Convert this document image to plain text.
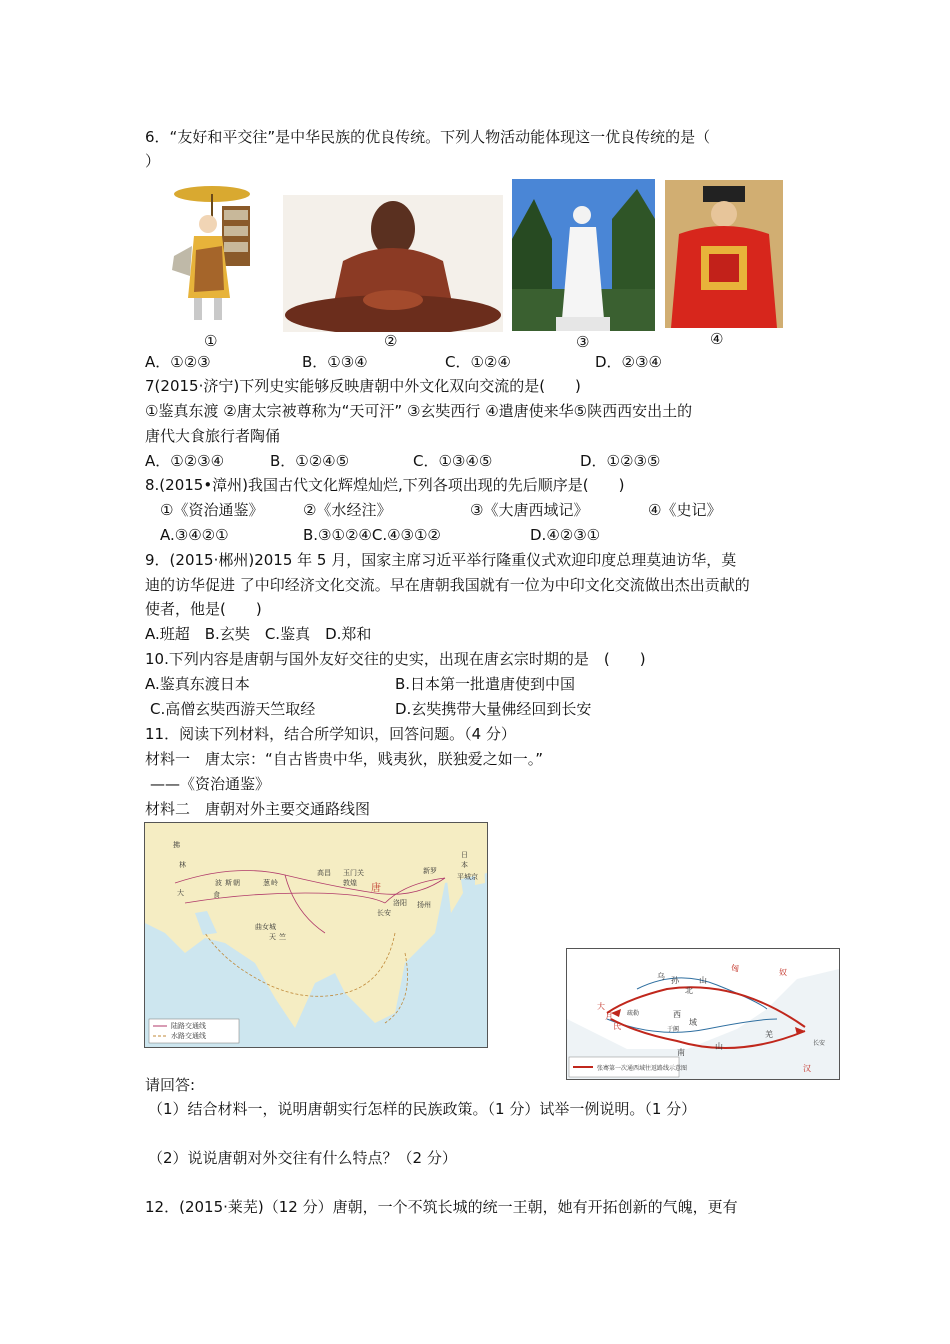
6．“友好和平交往”是中华民族的优良传统。下列人物活动能体现这一优良传统的是（
）
①	②	③	④
A．①②③	B．①③④	C．①②④	D．②③④
7(2015·济宁)下列史实能够反映唐朝中外文化双向交流的是(　　)
①鉴真东渡 ②唐太宗被尊称为“天可汗” ③玄奘西行 ④遣唐使来华⑤陕西西安出土的
唐代大食旅行者陶俑
A．①②③④	B．①②④⑤	C．①③④⑤	D．①②③⑤
8.(2015•漳州)我国古代文化辉煌灿烂,下列各项出现的先后顺序是(　　)
①《资治通鉴》	②《水经注》	③《大唐西域记》	④《史记》
A.③④②①	B.③①②④C.④③①②	D.④②③①
9．(2015·郴州)2015 年 5 月，国家主席习近平举行隆重仪式欢迎印度总理莫迪访华，莫
迪的访华促进 了中印经济文化交流。早在唐朝我国就有一位为中印文化交流做出杰出贡献的
使者，他是(　　)
A.班超　B.玄奘　C.鉴真　D.郑和
10.下列内容是唐朝与国外友好交往的史实，出现在唐玄宗时期的是　(　　)
A.鉴真东渡日本	B.日本第一批遣唐使到中国
C.高僧玄奘西游天竺取经	D.玄奘携带大量佛经回到长安
11．阅读下列材料，结合所学知识，回答问题。（4 分）
材料一　唐太宗：“自古皆贵中华，贱夷狄，朕独爱之如一。”
——《资治通鉴》
材料二　唐朝对外主要交通路线图
陆路交通线
水路交通线
拂
林
大
波 斯 朝
食
葱 岭
高昌 玉门关
敦煌 唐
长安
洛阳 扬州
新罗
日
本
平城京
天 竺
曲女城
张骞第一次通西域往返路线示意图
匈	奴
乌 孙	山
北
大
月
氏
疏勒	西
域
于阗
南
山
羌
长安
汉
请回答:
（1）结合材料一，说明唐朝实行怎样的民族政策。（1 分）试举一例说明。（1 分）
（2）说说唐朝对外交往有什么特点？（2 分）
12．(2015·莱芜)（12 分）唐朝，一个不筑长城的统一王朝，她有开拓创新的气魄，更有
